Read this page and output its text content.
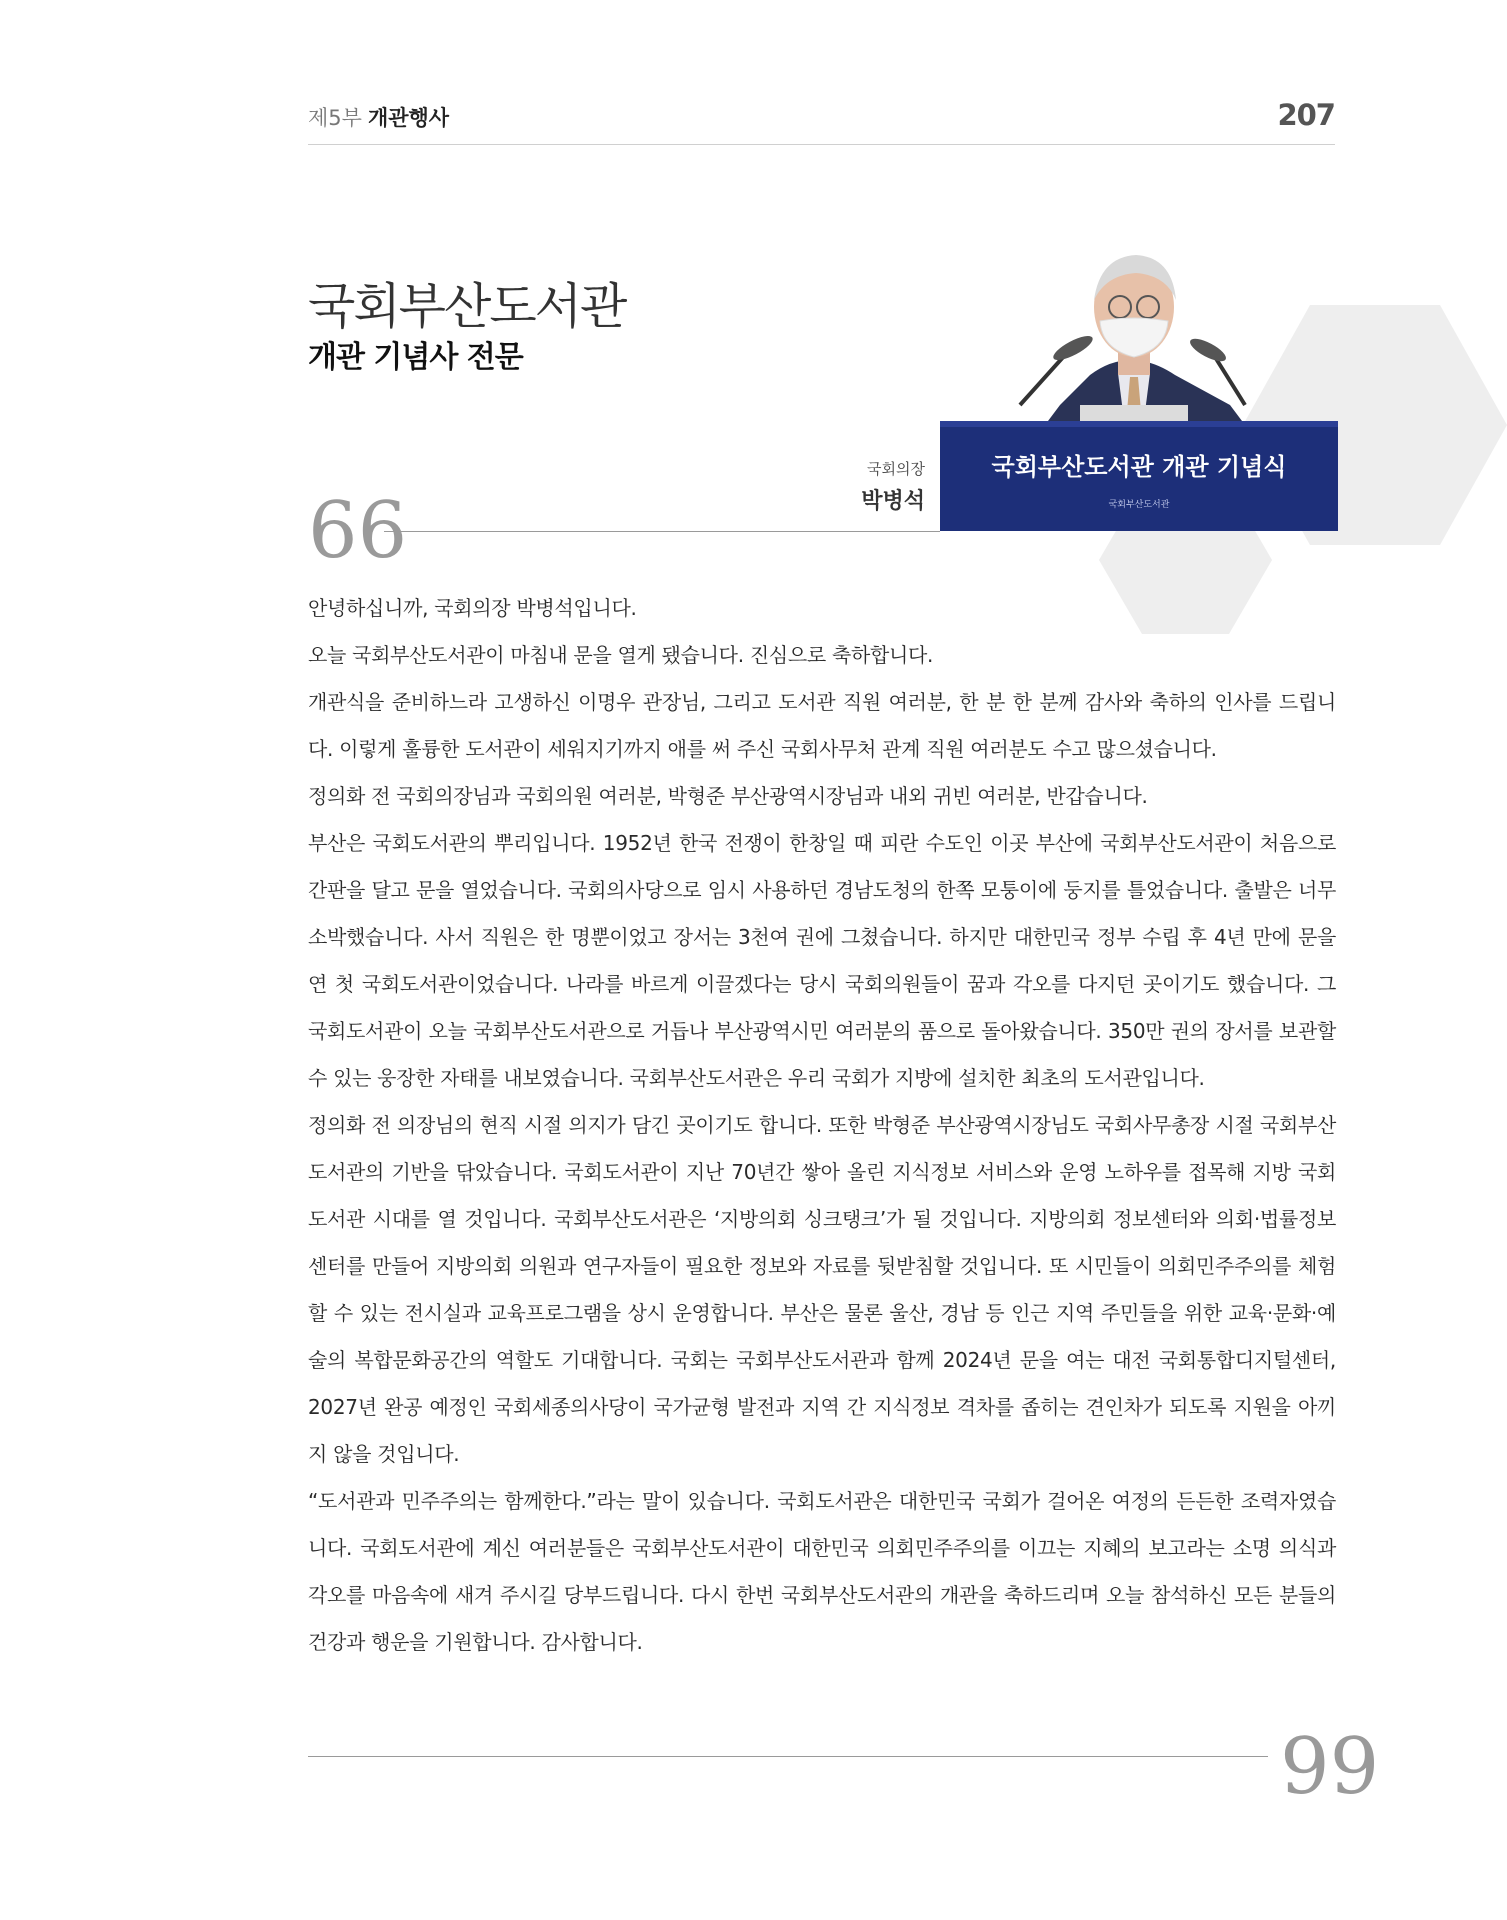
제5부 개관행사	207
국회부산도서관 개관 기념식
국회부산도서관
국회부산도서관
개관 기념사 전문
국회의장
박병석
66

안녕하십니까, 국회의장 박병석입니다.

오늘 국회부산도서관이 마침내 문을 열게 됐습니다. 진심으로 축하합니다.

개관식을 준비하느라 고생하신 이명우 관장님, 그리고 도서관 직원 여러분, 한 분 한 분께 감사와 축하의 인사를 드립니다. 이렇게 훌륭한 도서관이 세워지기까지 애를 써 주신 국회사무처 관계 직원 여러분도 수고 많으셨습니다.

정의화 전 국회의장님과 국회의원 여러분, 박형준 부산광역시장님과 내외 귀빈 여러분, 반갑습니다.

부산은 국회도서관의 뿌리입니다. 1952년 한국 전쟁이 한창일 때 피란 수도인 이곳 부산에 국회부산도서관이 처음으로 간판을 달고 문을 열었습니다. 국회의사당으로 임시 사용하던 경남도청의 한쪽 모퉁이에 둥지를 틀었습니다. 출발은 너무 소박했습니다. 사서 직원은 한 명뿐이었고 장서는 3천여 권에 그쳤습니다. 하지만 대한민국 정부 수립 후 4년 만에 문을 연 첫 국회도서관이었습니다. 나라를 바르게 이끌겠다는 당시 국회의원들이 꿈과 각오를 다지던 곳이기도 했습니다. 그 국회도서관이 오늘 국회부산도서관으로 거듭나 부산광역시민 여러분의 품으로 돌아왔습니다. 350만 권의 장서를 보관할 수 있는 웅장한 자태를 내보였습니다. 국회부산도서관은 우리 국회가 지방에 설치한 최초의 도서관입니다.

정의화 전 의장님의 현직 시절 의지가 담긴 곳이기도 합니다. 또한 박형준 부산광역시장님도 국회사무총장 시절 국회부산도서관의 기반을 닦았습니다. 국회도서관이 지난 70년간 쌓아 올린 지식정보 서비스와 운영 노하우를 접목해 지방 국회도서관 시대를 열 것입니다. 국회부산도서관은 ‘지방의회 싱크탱크’가 될 것입니다. 지방의회 정보센터와 의회·법률정보센터를 만들어 지방의회 의원과 연구자들이 필요한 정보와 자료를 뒷받침할 것입니다. 또 시민들이 의회민주주의를 체험할 수 있는 전시실과 교육프로그램을 상시 운영합니다. 부산은 물론 울산, 경남 등 인근 지역 주민들을 위한 교육·문화·예술의 복합문화공간의 역할도 기대합니다. 국회는 국회부산도서관과 함께 2024년 문을 여는 대전 국회통합디지털센터, 2027년 완공 예정인 국회세종의사당이 국가균형 발전과 지역 간 지식정보 격차를 좁히는 견인차가 되도록 지원을 아끼지 않을 것입니다.

“도서관과 민주주의는 함께한다.”라는 말이 있습니다. 국회도서관은 대한민국 국회가 걸어온 여정의 든든한 조력자였습니다. 국회도서관에 계신 여러분들은 국회부산도서관이 대한민국 의회민주주의를 이끄는 지혜의 보고라는 소명 의식과 각오를 마음속에 새겨 주시길 당부드립니다. 다시 한번 국회부산도서관의 개관을 축하드리며 오늘 참석하신 모든 분들의 건강과 행운을 기원합니다. 감사합니다.

99
